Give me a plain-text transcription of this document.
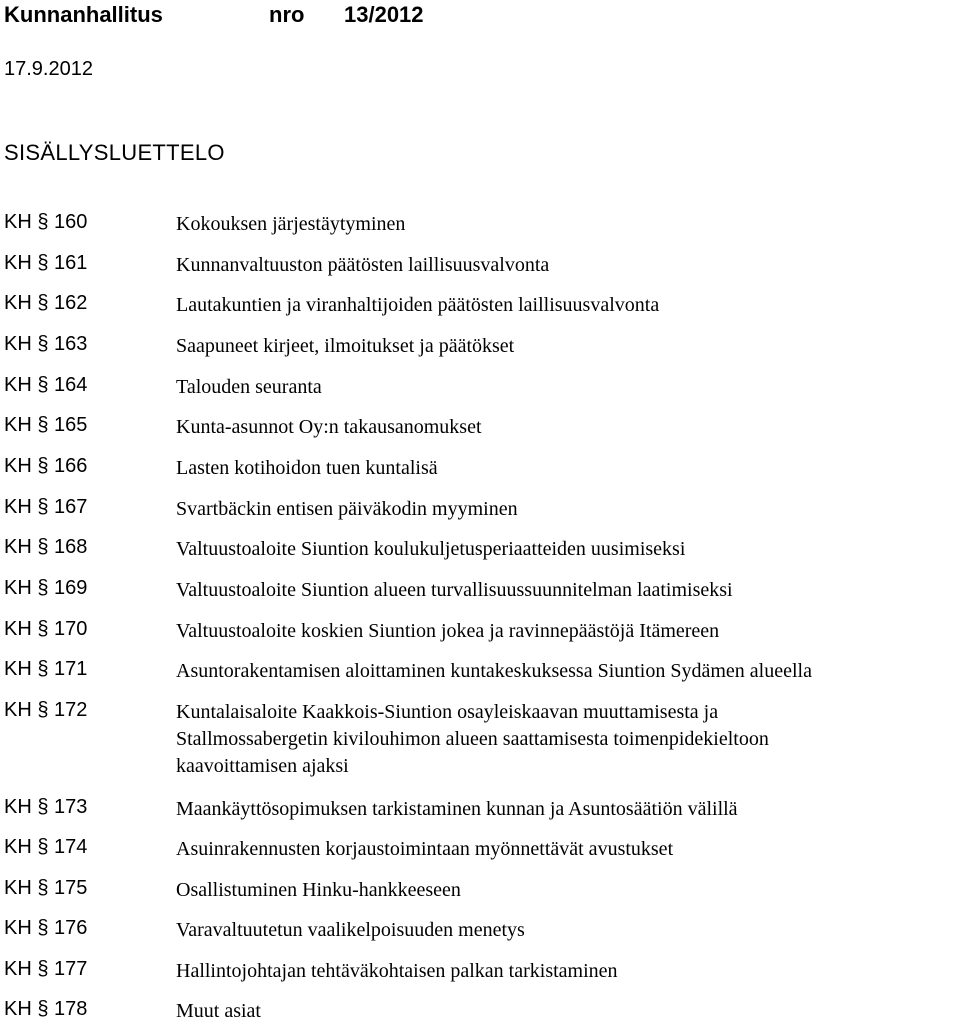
Kunnanhallitus	nro 13/2012
17.9.2012
SISÄLLYSLUETTELO
KH § 160	Kokouksen järjestäytyminen
KH § 161	Kunnanvaltuuston päätösten laillisuusvalvonta
KH § 162	Lautakuntien ja viranhaltijoiden päätösten laillisuusvalvonta
KH § 163	Saapuneet kirjeet, ilmoitukset ja päätökset
KH § 164	Talouden seuranta
KH § 165	Kunta-asunnot Oy:n takausanomukset
KH § 166	Lasten kotihoidon tuen kuntalisä
KH § 167	Svartbäckin entisen päiväkodin myyminen
KH § 168	Valtuustoaloite Siuntion koulukuljetusperiaatteiden uusimiseksi
KH § 169	Valtuustoaloite Siuntion alueen turvallisuussuunnitelman laatimiseksi
KH § 170	Valtuustoaloite koskien Siuntion jokea ja ravinnepäästöjä Itämereen
KH § 171	Asuntorakentamisen aloittaminen kuntakeskuksessa Siuntion Sydämen alueella
KH § 172	Kuntalaisaloite Kaakkois-Siuntion osayleiskaavan muuttamisesta ja
Stallmossabergetin kivilouhimon alueen saattamisesta toimenpidekieltoon
kaavoittamisen ajaksi
KH § 173	Maankäyttösopimuksen tarkistaminen kunnan ja Asuntosäätiön välillä
KH § 174	Asuinrakennusten korjaustoimintaan myönnettävät avustukset
KH § 175	Osallistuminen Hinku-hankkeeseen
KH § 176	Varavaltuutetun vaalikelpoisuuden menetys
KH § 177	Hallintojohtajan tehtäväkohtaisen palkan tarkistaminen
KH § 178	Muut asiat
